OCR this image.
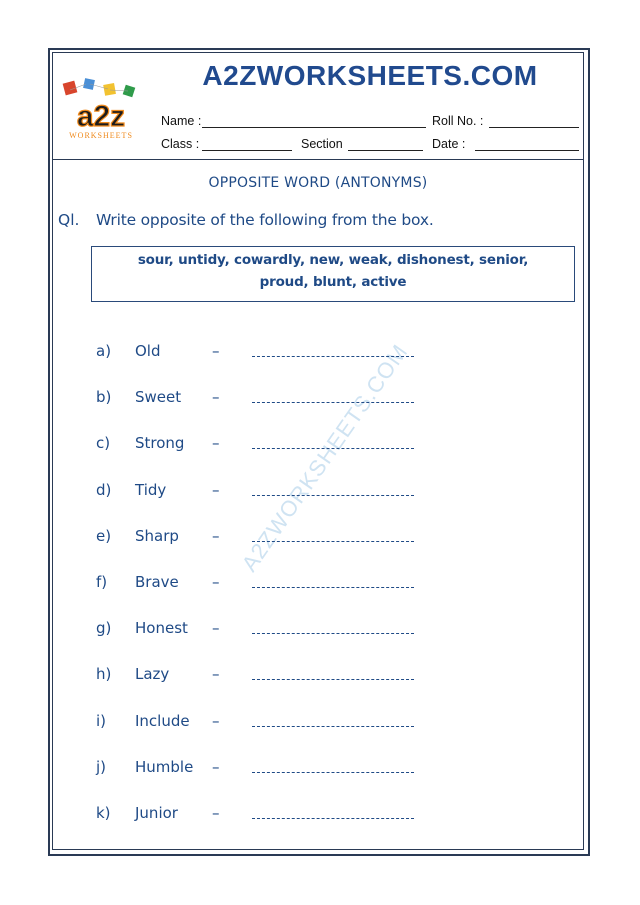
a2z
WORKSHEETS
A2ZWORKSHEETS.COM
Name :	Roll No. :
Class :	Section	Date :
OPPOSITE WORD (ANTONYMS)
Ql. Write opposite of the following from the box.
sour, untidy, cowardly, new, weak, dishonest, senior,
proud, blunt, active
A2ZWORKSHEETS.COM
a) Old	–
b) Sweet –
c) Strong –
d) Tidy	–
e) Sharp –
f) Brave –
g) Honest –
h) Lazy	–
i) Include –
j) Humble –
k) Junior –
